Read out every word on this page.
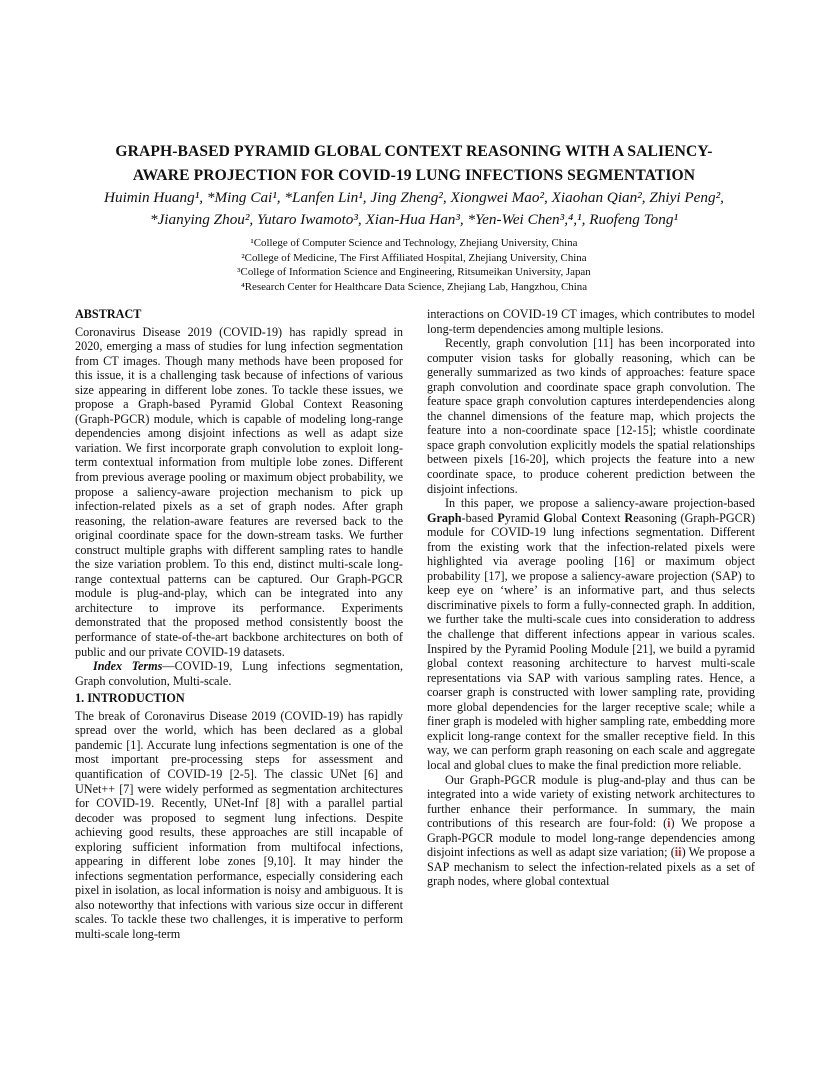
GRAPH-BASED PYRAMID GLOBAL CONTEXT REASONING WITH A SALIENCY-
AWARE PROJECTION FOR COVID-19 LUNG INFECTIONS SEGMENTATION
Huimin Huang¹, *Ming Cai¹, *Lanfen Lin¹, Jing Zheng², Xiongwei Mao², Xiaohan Qian², Zhiyi Peng²,
*Jianying Zhou², Yutaro Iwamoto³, Xian-Hua Han³, *Yen-Wei Chen³,⁴,¹, Ruofeng Tong¹
¹College of Computer Science and Technology, Zhejiang University, China
²College of Medicine, The First Affiliated Hospital, Zhejiang University, China
³College of Information Science and Engineering, Ritsumeikan University, Japan
⁴Research Center for Healthcare Data Science, Zhejiang Lab, Hangzhou, China

ABSTRACT

Coronavirus Disease 2019 (COVID-19) has rapidly spread in 2020, emerging a mass of studies for lung infection segmentation from CT images. Though many methods have been proposed for this issue, it is a challenging task because of infections of various size appearing in different lobe zones. To tackle these issues, we propose a Graph-based Pyramid Global Context Reasoning (Graph-PGCR) module, which is capable of modeling long-range dependencies among disjoint infections as well as adapt size variation. We first incorporate graph convolution to exploit long-term contextual information from multiple lobe zones. Different from previous average pooling or maximum object probability, we propose a saliency-aware projection mechanism to pick up infection-related pixels as a set of graph nodes. After graph reasoning, the relation-aware features are reversed back to the original coordinate space for the down-stream tasks. We further construct multiple graphs with different sampling rates to handle the size variation problem. To this end, distinct multi-scale long-range contextual patterns can be captured. Our Graph-PGCR module is plug-and-play, which can be integrated into any architecture to improve its performance. Experiments demonstrated that the proposed method consistently boost the performance of state-of-the-art backbone architectures on both of public and our private COVID-19 datasets.

Index Terms—COVID-19, Lung infections segmentation, Graph convolution, Multi-scale.

1. INTRODUCTION

The break of Coronavirus Disease 2019 (COVID-19) has rapidly spread over the world, which has been declared as a global pandemic [1]. Accurate lung infections segmentation is one of the most important pre-processing steps for assessment and quantification of COVID-19 [2-5]. The classic UNet [6] and UNet++ [7] were widely performed as segmentation architectures for COVID-19. Recently, UNet-Inf [8] with a parallel partial decoder was proposed to segment lung infections. Despite achieving good results, these approaches are still incapable of exploring sufficient information from multifocal infections, appearing in different lobe zones [9,10]. It may hinder the infections segmentation performance, especially considering each pixel in isolation, as local information is noisy and ambiguous. It is also noteworthy that infections with various size occur in different scales. To tackle these two challenges, it is imperative to perform multi-scale long-term

interactions on COVID-19 CT images, which contributes to model long-term dependencies among multiple lesions.

Recently, graph convolution [11] has been incorporated into computer vision tasks for globally reasoning, which can be generally summarized as two kinds of approaches: feature space graph convolution and coordinate space graph convolution. The feature space graph convolution captures interdependencies along the channel dimensions of the feature map, which projects the feature into a non-coordinate space [12-15]; whistle coordinate space graph convolution explicitly models the spatial relationships between pixels [16-20], which projects the feature into a new coordinate space, to produce coherent prediction between the disjoint infections.

In this paper, we propose a saliency-aware projection-based Graph-based Pyramid Global Context Reasoning (Graph-PGCR) module for COVID-19 lung infections segmentation. Different from the existing work that the infection-related pixels were highlighted via average pooling [16] or maximum object probability [17], we propose a saliency-aware projection (SAP) to keep eye on ‘where’ is an informative part, and thus selects discriminative pixels to form a fully-connected graph. In addition, we further take the multi-scale cues into consideration to address the challenge that different infections appear in various scales. Inspired by the Pyramid Pooling Module [21], we build a pyramid global context reasoning architecture to harvest multi-scale representations via SAP with various sampling rates. Hence, a coarser graph is constructed with lower sampling rate, providing more global dependencies for the larger receptive scale; while a finer graph is modeled with higher sampling rate, embedding more explicit long-range context for the smaller receptive field. In this way, we can perform graph reasoning on each scale and aggregate local and global clues to make the final prediction more reliable.

Our Graph-PGCR module is plug-and-play and thus can be integrated into a wide variety of existing network architectures to further enhance their performance. In summary, the main contributions of this research are four-fold: (i) We propose a Graph-PGCR module to model long-range dependencies among disjoint infections as well as adapt size variation; (ii) We propose a SAP mechanism to select the infection-related pixels as a set of graph nodes, where global contextual
